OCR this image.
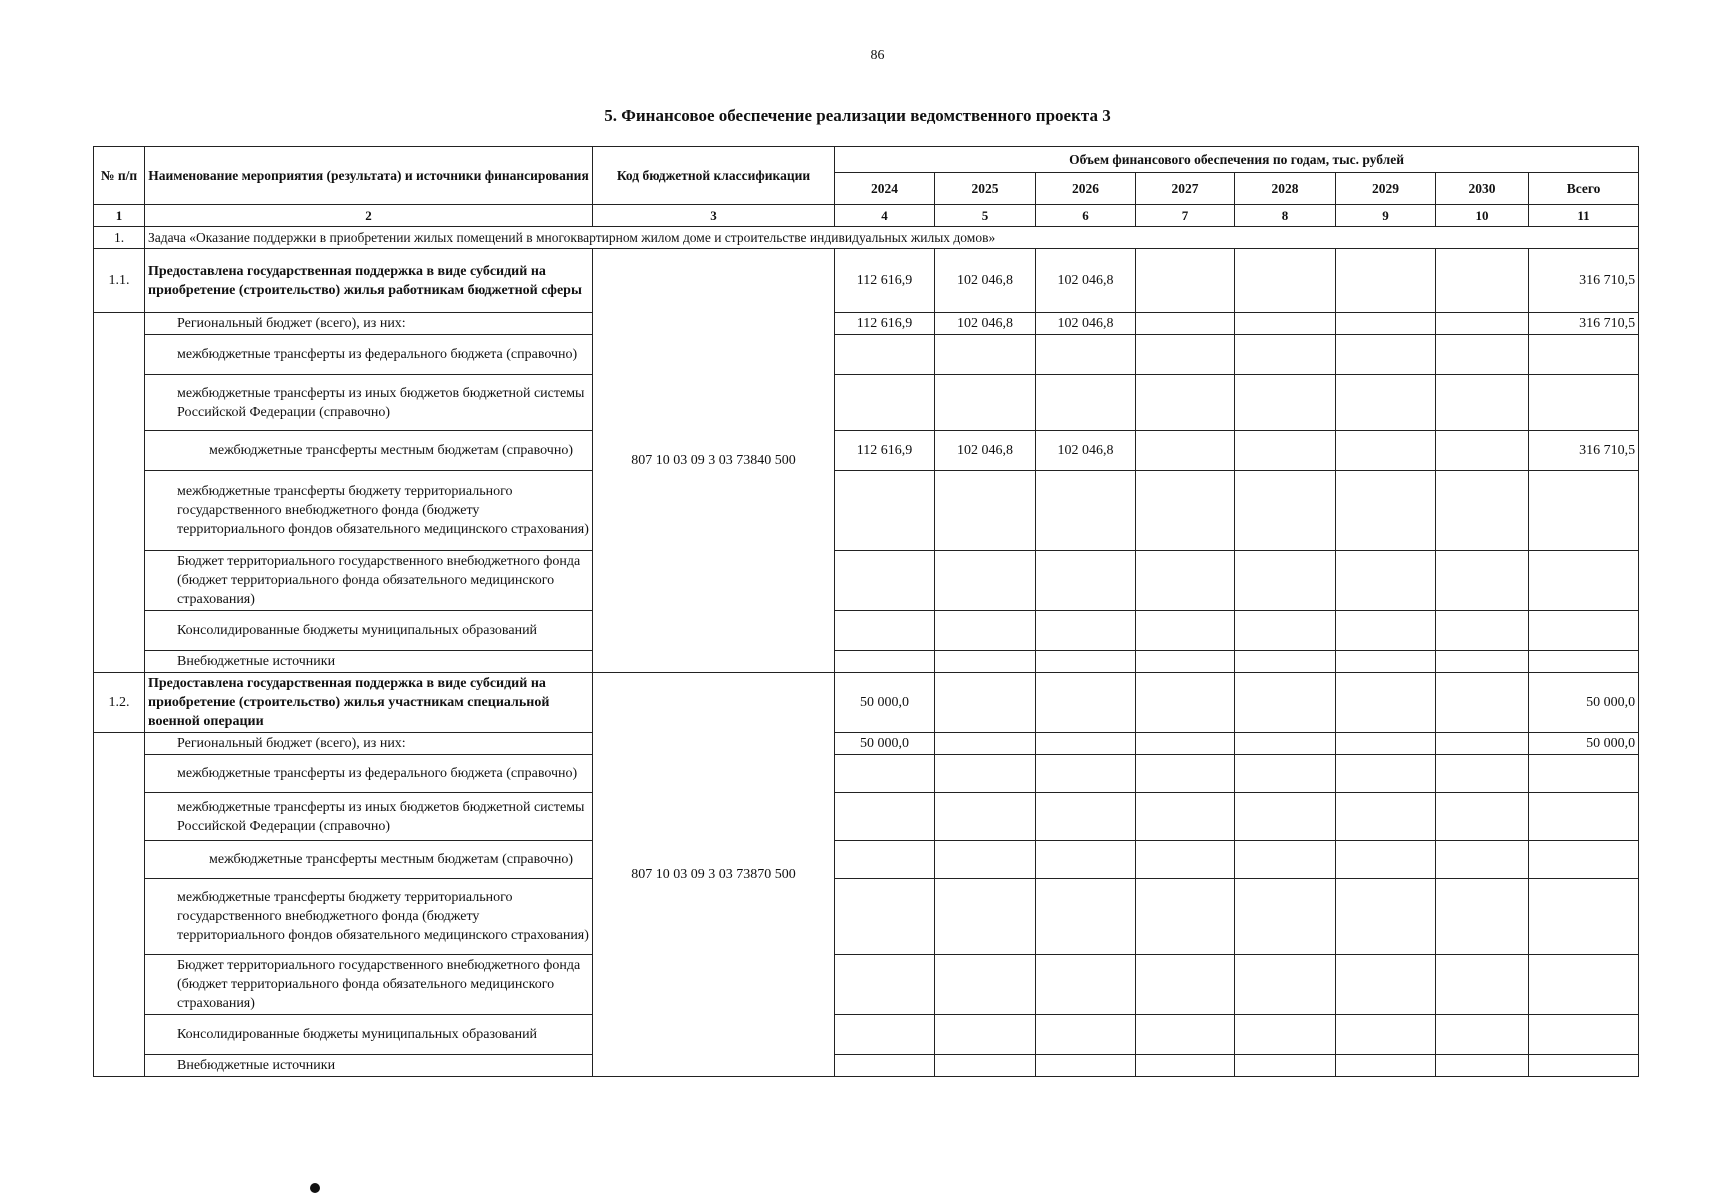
86
5. Финансовое обеспечение реализации ведомственного проекта 3
№ п/п	Наименование мероприятия (результата) и источники финансирования	Код бюджетной классификации	Объем финансового обеспечения по годам, тыс. рублей							
			2024	2025	2026	2027	2028	2029	2030	Всего
1	2	3	4	5	6	7	8	9	10	11
1.	Задача «Оказание поддержки в приобретении жилых помещений в многоквартирном жилом доме и строительстве индивидуальных жилых домов»									
1.1.	Предоставлена государственная поддержка в виде субсидий на приобретение (строительство) жилья работникам бюджетной сферы	807 10 03 09 3 03 73840 500	112 616,9	102 046,8	102 046,8					316 710,5
	Региональный бюджет (всего), из них:		112 616,9	102 046,8	102 046,8					316 710,5
	межбюджетные трансферты из федерального бюджета (справочно)									
	межбюджетные трансферты из иных бюджетов бюджетной системы Российской Федерации (справочно)									
	межбюджетные трансферты местным бюджетам (справочно)		112 616,9	102 046,8	102 046,8					316 710,5
	межбюджетные трансферты бюджету территориального государственного внебюджетного фонда (бюджету территориального фондов обязательного медицинского страхования)									
	Бюджет территориального государственного внебюджетного фонда (бюджет территориального фонда обязательного медицинского страхования)									
	Консолидированные бюджеты муниципальных образований									
	Внебюджетные источники									
1.2.	Предоставлена государственная поддержка в виде субсидий на приобретение (строительство) жилья участникам специальной военной операции	807 10 03 09 3 03 73870 500	50 000,0							50 000,0
	Региональный бюджет (всего), из них:		50 000,0							50 000,0
	межбюджетные трансферты из федерального бюджета (справочно)									
	межбюджетные трансферты из иных бюджетов бюджетной системы Российской Федерации (справочно)									
	межбюджетные трансферты местным бюджетам (справочно)									
	межбюджетные трансферты бюджету территориального государственного внебюджетного фонда (бюджету территориального фондов обязательного медицинского страхования)									
	Бюджет территориального государственного внебюджетного фонда (бюджет территориального фонда обязательного медицинского страхования)									
	Консолидированные бюджеты муниципальных образований									
	Внебюджетные источники									
